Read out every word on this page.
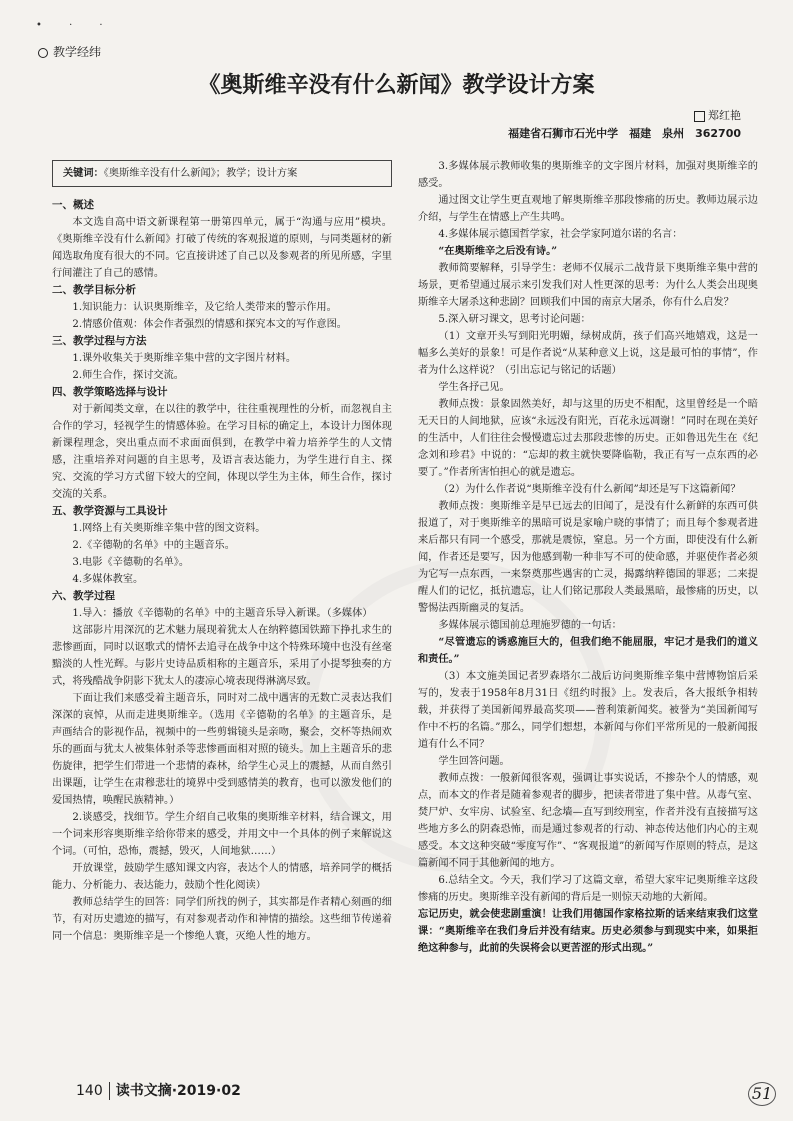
• · ·
教学经纬
《奥斯维辛没有什么新闻》教学设计方案
郑红艳
福建省石狮市石光中学　福建　泉州　362700
关键词：《奥斯维辛没有什么新闻》；教学；设计方案
一、概述

本文选自高中语文新课程第一册第四单元，属于“沟通与应用”模块。《奥斯维辛没有什么新闻》打破了传统的客观报道的原则，与同类题材的新闻选取角度有很大的不同。它直接讲述了自己以及参观者的所见所感，字里行间灌注了自己的感情。

二、教学目标分析

1.知识能力：认识奥斯维辛，及它给人类带来的警示作用。

2.情感价值观：体会作者强烈的情感和探究本文的写作意图。

三、教学过程与方法

1.课外收集关于奥斯维辛集中营的文字图片材料。

2.师生合作，探讨交流。

四、教学策略选择与设计

对于新闻类文章，在以往的教学中，往往重视理性的分析，而忽视自主合作的学习，轻视学生的情感体验。在学习目标的确定上，本设计力图体现新课程理念，突出重点而不求面面俱到，在教学中着力培养学生的人文情感，注重培养对问题的自主思考，及语言表达能力，为学生进行自主、探究、交流的学习方式留下较大的空间，体现以学生为主体，师生合作，探讨交流的关系。

五、教学资源与工具设计

1.网络上有关奥斯维辛集中营的图文资料。

2.《辛德勒的名单》中的主题音乐。

3.电影《辛德勒的名单》。

4.多媒体教室。

六、教学过程

1.导入：播放《辛德勒的名单》中的主题音乐导入新课。（多媒体）

这部影片用深沉的艺术魅力展现着犹太人在纳粹德国铁蹄下挣扎求生的悲惨画面，同时以讴歌式的情怀去追寻在战争中这个特殊环境中也没有丝毫黯淡的人性光辉。与影片史诗品质相称的主题音乐，采用了小提琴独奏的方式，将残酷战争阴影下犹太人的凄凉心境表现得淋漓尽致。

下面让我们来感受着主题音乐，同时对二战中遇害的无数亡灵表达我们深深的哀悼，从而走进奥斯维辛。（选用《辛德勒的名单》的主题音乐，是声画结合的影视作品，视频中的一些剪辑镜头是亲吻，聚会，交杯等热闹欢乐的画面与犹太人被集体射杀等悲惨画面相对照的镜头。加上主题音乐的悲伤旋律，把学生们带进一个悲情的森林，给学生心灵上的震撼，从而自然引出课题，让学生在肃穆悲壮的境界中受到感情美的教育，也可以激发他们的爱国热情，唤醒民族精神。）

2.谈感受，找细节。学生介绍自己收集的奥斯维辛材料，结合课文，用一个词来形容奥斯维辛给你带来的感受，并用文中一个具体的例子来解说这个词。（可怕，恐怖，震撼，毁灭，人间地狱……）

开放课堂，鼓励学生感知课文内容，表达个人的情感，培养同学的概括能力、分析能力、表达能力，鼓励个性化阅读）

教师总结学生的回答：同学们所找的例子，其实都是作者精心刻画的细节，有对历史遗迹的描写，有对参观者动作和神情的描绘。这些细节传递着同一个信息：奥斯维辛是一个惨绝人寰，灭绝人性的地方。

3.多媒体展示教师收集的奥斯维辛的文字图片材料，加强对奥斯维辛的感受。

通过图文让学生更直观地了解奥斯维辛那段惨痛的历史。教师边展示边介绍，与学生在情感上产生共鸣。

4.多媒体展示德国哲学家，社会学家阿道尔诺的名言：

“在奥斯维辛之后没有诗。”

教师简要解释，引导学生：老师不仅展示二战背景下奥斯维辛集中营的场景，更希望通过展示来引发我们对人性更深的思考：为什么人类会出现奥斯维辛大屠杀这种悲剧？回顾我们中国的南京大屠杀，你有什么启发？

5.深入研习课文，思考讨论问题：

（1）文章开头写到阳光明媚，绿树成荫，孩子们高兴地嬉戏，这是一幅多么美好的景象！可是作者说“从某种意义上说，这是最可怕的事情”，作者为什么这样说？（引出忘记与铭记的话题）

学生各抒己见。

教师点拨：景象固然美好，却与这里的历史不相配，这里曾经是一个暗无天日的人间地狱，应该“永远没有阳光，百花永远凋谢！”同时在现在美好的生活中，人们往往会慢慢遗忘过去那段悲惨的历史。正如鲁迅先生在《纪念刘和珍君》中说的：“忘却的救主就快要降临勒，我正有写一点东西的必要了。”作者所害怕担心的就是遗忘。

（2）为什么作者说“奥斯维辛没有什么新闻”却还是写下这篇新闻？

教师点拨：奥斯维辛是早已远去的旧闻了，是没有什么新鲜的东西可供报道了，对于奥斯维辛的黑暗可说是家喻户晓的事情了；而且每个参观者进来后都只有同一个感受，那就是震惊，窒息。另一个方面，即使没有什么新闻，作者还是要写，因为他感到勒一种非写不可的使命感，并驱使作者必须为它写一点东西，一来祭奠那些遇害的亡灵，揭露纳粹德国的罪恶；二来提醒人们的记忆，抵抗遗忘，让人们铭记那段人类最黑暗，最惨痛的历史，以警惕法西斯幽灵的复活。

多媒体展示德国前总理施罗德的一句话：

“尽管遗忘的诱惑施巨大的，但我们绝不能屈服，牢记才是我们的道义和责任。”

（3）本文施美国记者罗森塔尔二战后访问奥斯维辛集中营博物馆后采写的，发表于1958年8月31日《纽约时报》上。发表后，各大报纸争相转载，并获得了美国新闻界最高奖项——普利策新闻奖。被誉为“美国新闻写作中不朽的名篇。”那么，同学们想想，本新闻与你们平常所见的一般新闻报道有什么不同？

学生回答问题。

教师点拨：一般新闻很客观，强调让事实说话，不掺杂个人的情感，观点，而本文的作者是随着参观者的脚步，把读者带进了集中营。从毒气室、焚尸炉、女牢房、试验室、纪念墙—直写到绞刑室，作者并没有直接描写这些地方多么的阴森恐怖，而是通过参观者的行动、神态传达他们内心的主观感受。本文这种突破“零度写作”、“客观报道”的新闻写作原则的特点，是这篇新闻不同于其他新闻的地方。

6.总结全文。今天，我们学习了这篇文章，希望大家牢记奥斯维辛这段惨痛的历史。奥斯维辛没有新闻的背后是一则惊天动地的大新闻。

忘记历史，就会使悲剧重演！让我们用德国作家格拉斯的话来结束我们这堂课：“奥斯维辛在我们身后并没有结束。历史必须参与到现实中来，如果拒绝这种参与，此前的失误将会以更苦涩的形式出现。”

140 读书文摘·2019·02	51
